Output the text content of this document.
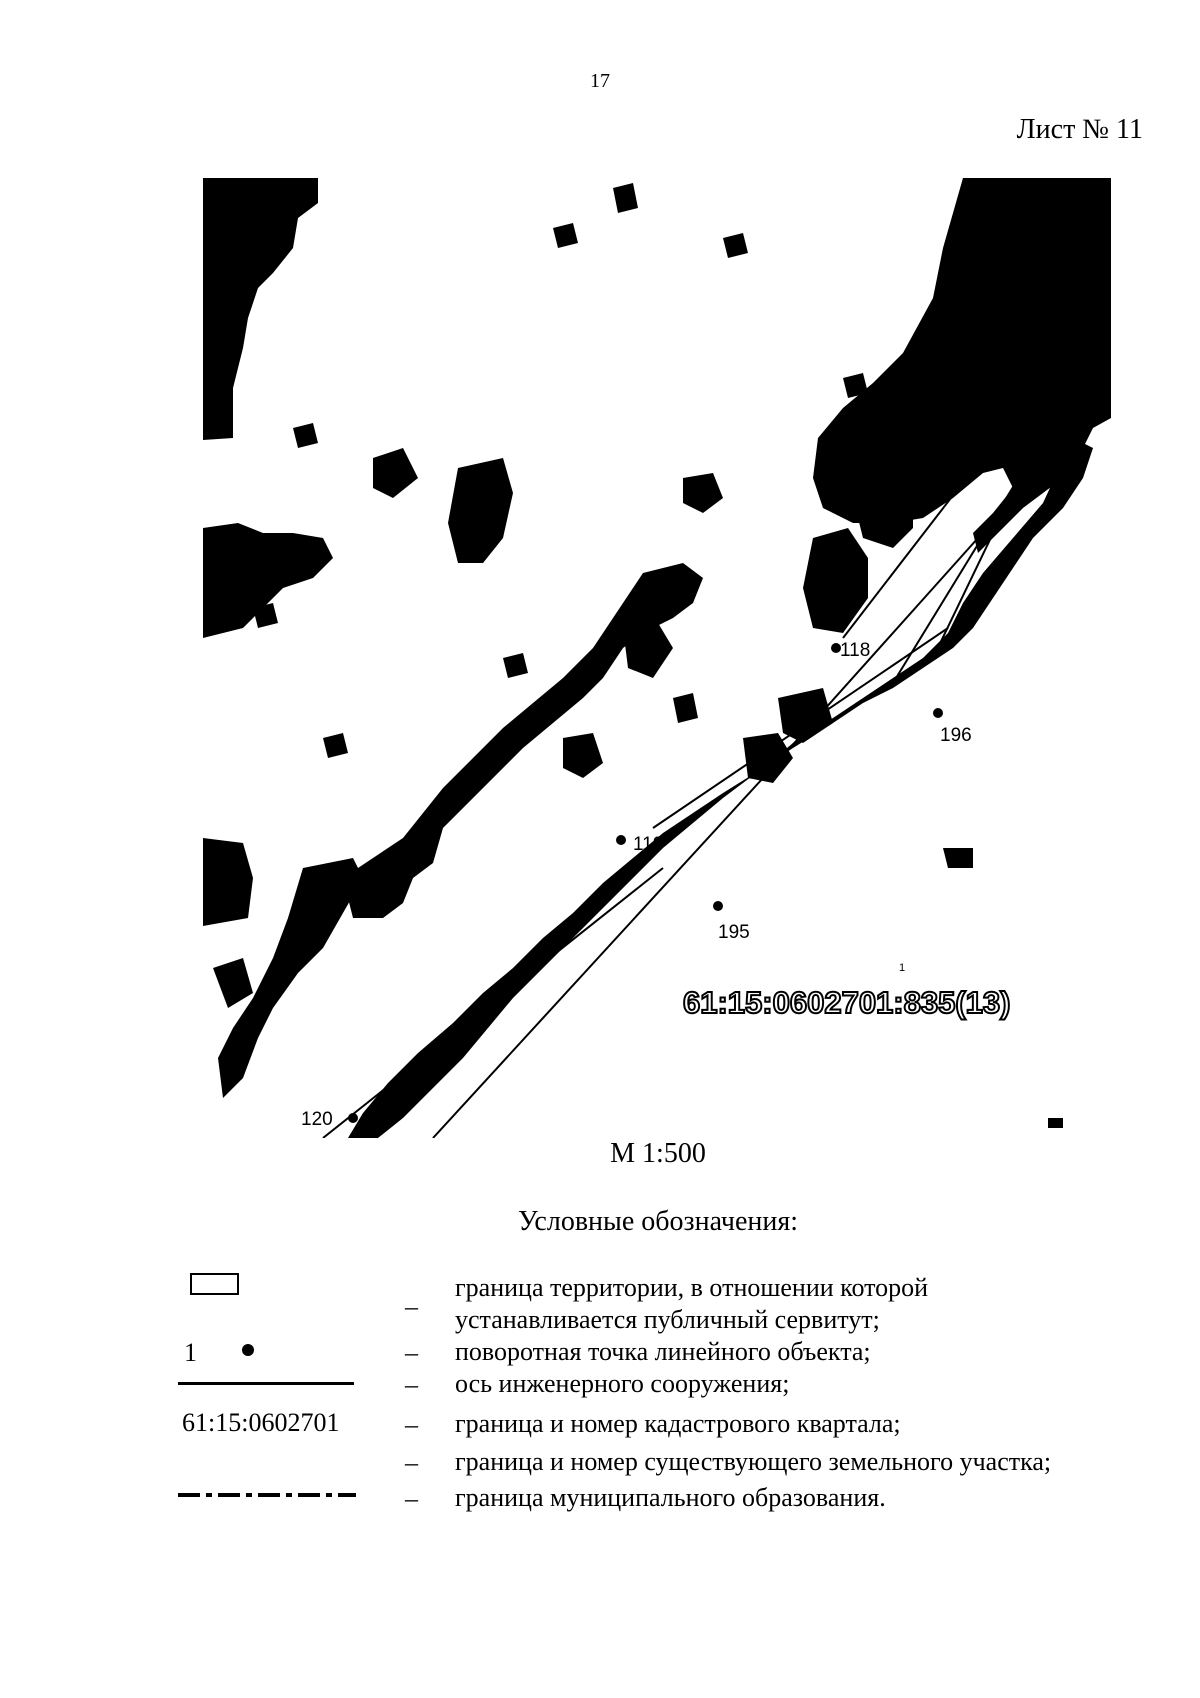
17
Лист № 11
118
196
119
195
120
1
61:15:0602701:835(13)
М 1:500
Условные обозначения:
–
граница территории, в отношении которой
устанавливается публичный сервитут;
1	– поворотная точка линейного объекта;
– ось инженерного сооружения;
61:15:0602701	– граница и номер кадастрового квартала;
– граница и номер существующего земельного участка;
– граница муниципального образования.
